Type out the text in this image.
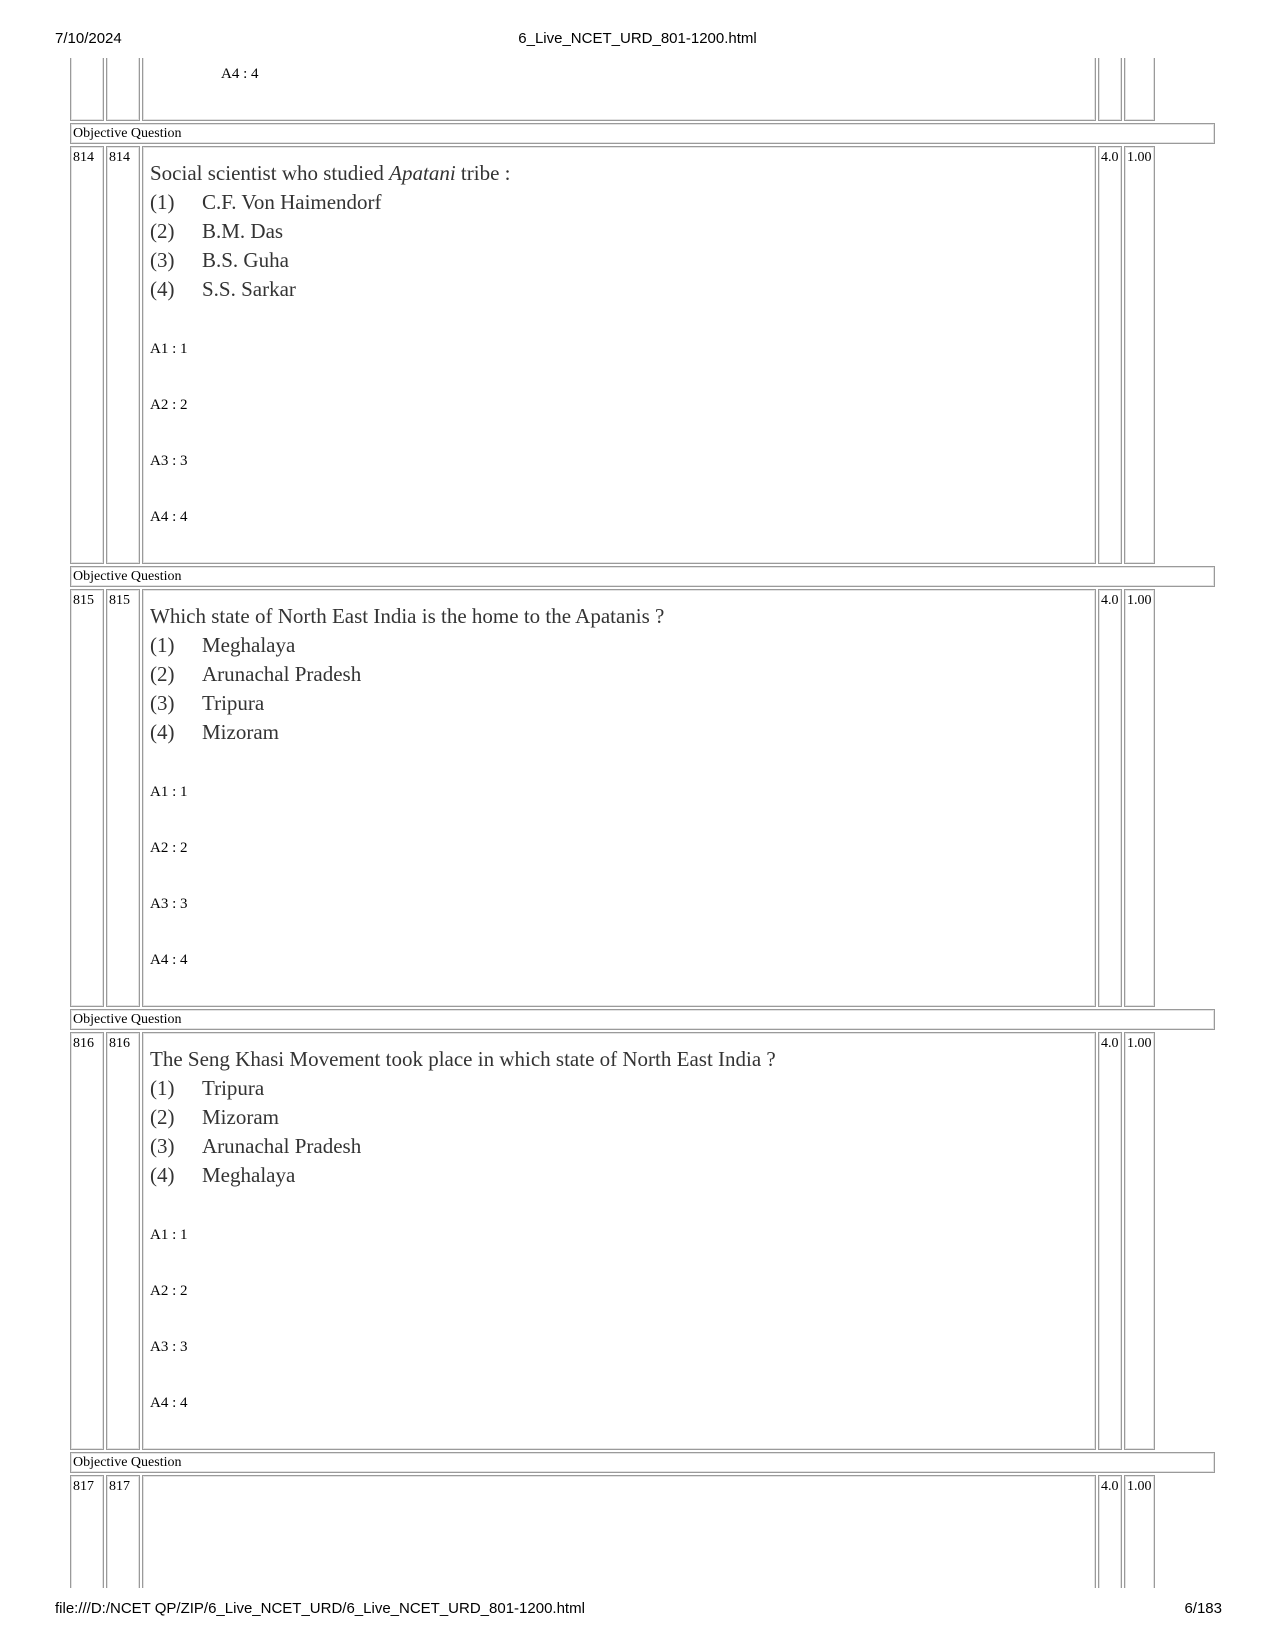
7/10/2024	6_Live_NCET_URD_801-1200.html
A4 : 4
Objective Question
814	814
Social scientist who studied Apatani tribe :
(1) C.F. Von Haimendorf
(2) B.M. Das
(3) B.S. Guha
(4) S.S. Sarkar
A1 : 1
A2 : 2
A3 : 3
A4 : 4
4.0 1.00
Objective Question
815	815
Which state of North East India is the home to the Apatanis ?
(1) Meghalaya
(2) Arunachal Pradesh
(3) Tripura
(4) Mizoram
A1 : 1
A2 : 2
A3 : 3
A4 : 4
4.0 1.00
Objective Question
816	816
The Seng Khasi Movement took place in which state of North East India ?
(1) Tripura
(2) Mizoram
(3) Arunachal Pradesh
(4) Meghalaya
A1 : 1
A2 : 2
A3 : 3
A4 : 4
4.0 1.00
Objective Question
817	817	4.0 1.00
file:///D:/NCET QP/ZIP/6_Live_NCET_URD/6_Live_NCET_URD_801-1200.html	6/183
